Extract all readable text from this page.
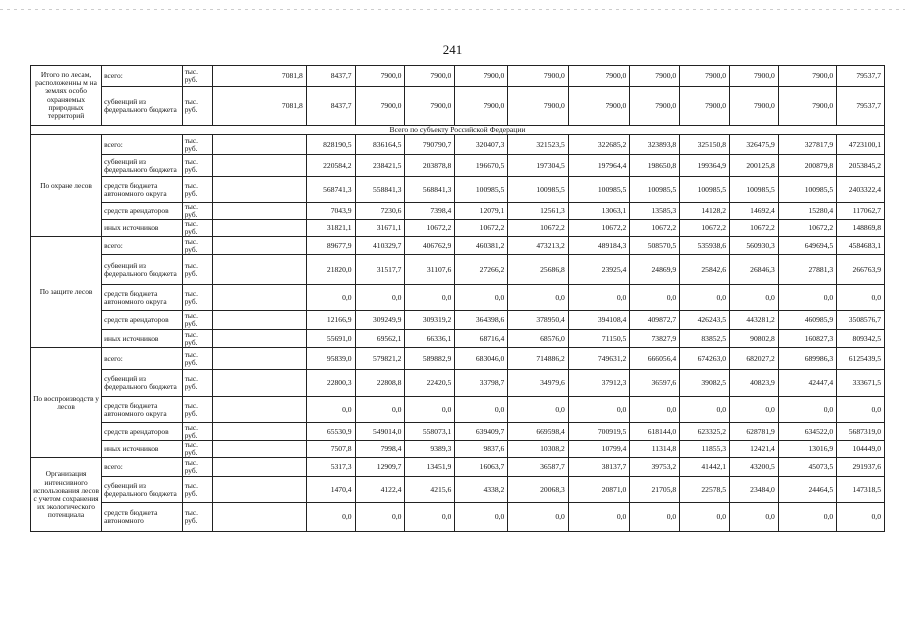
241
Итого по лесам, расположенны м на землях особо охраняемых природных территорий	всего:	тыс. руб.	7081,8	8437,7	7900,0	7900,0	7900,0	7900,0	7900,0	7900,0	7900,0	7900,0	7900,0	79537,7
	субвенций из федерального бюджета	тыс. руб.	7081,8	8437,7	7900,0	7900,0	7900,0	7900,0	7900,0	7900,0	7900,0	7900,0	7900,0	79537,7
Всего по субъекту Российской Федерации														
По охране лесов	всего:	тыс. руб.		828190,5	836164,5	790790,7	320407,3	321523,5	322685,2	323893,8	325150,8	326475,9	327817,9	4723100,1
	субвенций из федерального бюджета	тыс. руб.		220584,2	238421,5	203878,8	196670,5	197304,5	197964,4	198650,8	199364,9	200125,8	200879,8	2053845,2
	средств бюджета автономного округа	тыс. руб.		568741,3	558841,3	568841,3	100985,5	100985,5	100985,5	100985,5	100985,5	100985,5	100985,5	2403322,4
	средств арендаторов	тыс. руб.		7043,9	7230,6	7398,4	12079,1	12561,3	13063,1	13585,3	14128,2	14692,4	15280,4	117062,7
	иных источников	тыс. руб.		31821,1	31671,1	10672,2	10672,2	10672,2	10672,2	10672,2	10672,2	10672,2	10672,2	148869,8
По защите лесов	всего:	тыс. руб.		89677,9	410329,7	406762,9	460381,2	473213,2	489184,3	508570,5	535938,6	560930,3	649694,5	4584683,1
	субвенций из федерального бюджета	тыс. руб.		21820,0	31517,7	31107,6	27266,2	25686,8	23925,4	24869,9	25842,6	26846,3	27881,3	266763,9
	средств бюджета автономного округа	тыс. руб.		0,0	0,0	0,0	0,0	0,0	0,0	0,0	0,0	0,0	0,0	0,0
	средств арендаторов	тыс. руб.		12166,9	309249,9	309319,2	364398,6	378950,4	394108,4	409872,7	426243,5	443281,2	460985,9	3508576,7
	иных источников	тыс. руб.		55691,0	69562,1	66336,1	68716,4	68576,0	71150,5	73827,9	83852,5	90802,8	160827,3	809342,5
По воспроизводств у лесов	всего:	тыс. руб.		95839,0	579821,2	589882,9	683046,0	714886,2	749631,2	666056,4	674263,0	682027,2	689986,3	6125439,5
	субвенций из федерального бюджета	тыс. руб.		22800,3	22808,8	22420,5	33798,7	34979,6	37912,3	36597,6	39082,5	40823,9	42447,4	333671,5
	средств бюджета автономного округа	тыс. руб.		0,0	0,0	0,0	0,0	0,0	0,0	0,0	0,0	0,0	0,0	0,0
	средств арендаторов	тыс. руб.		65530,9	549014,0	558073,1	639409,7	669598,4	700919,5	618144,0	623325,2	628781,9	634522,0	5687319,0
	иных источников	тыс. руб.		7507,8	7998,4	9389,3	9837,6	10308,2	10799,4	11314,8	11855,3	12421,4	13016,9	104449,0
Организация интенсивного использования лесов с учетом сохранения их экологического потенциала	всего:	тыс. руб.		5317,3	12909,7	13451,9	16063,7	36587,7	38137,7	39753,2	41442,1	43200,5	45073,5	291937,6
	субвенций из федерального бюджета	тыс. руб.		1470,4	4122,4	4215,6	4338,2	20068,3	20871,0	21705,8	22578,5	23484,0	24464,5	147318,5
	средств бюджета автономного	тыс. руб.		0,0	0,0	0,0	0,0	0,0	0,0	0,0	0,0	0,0	0,0	0,0
